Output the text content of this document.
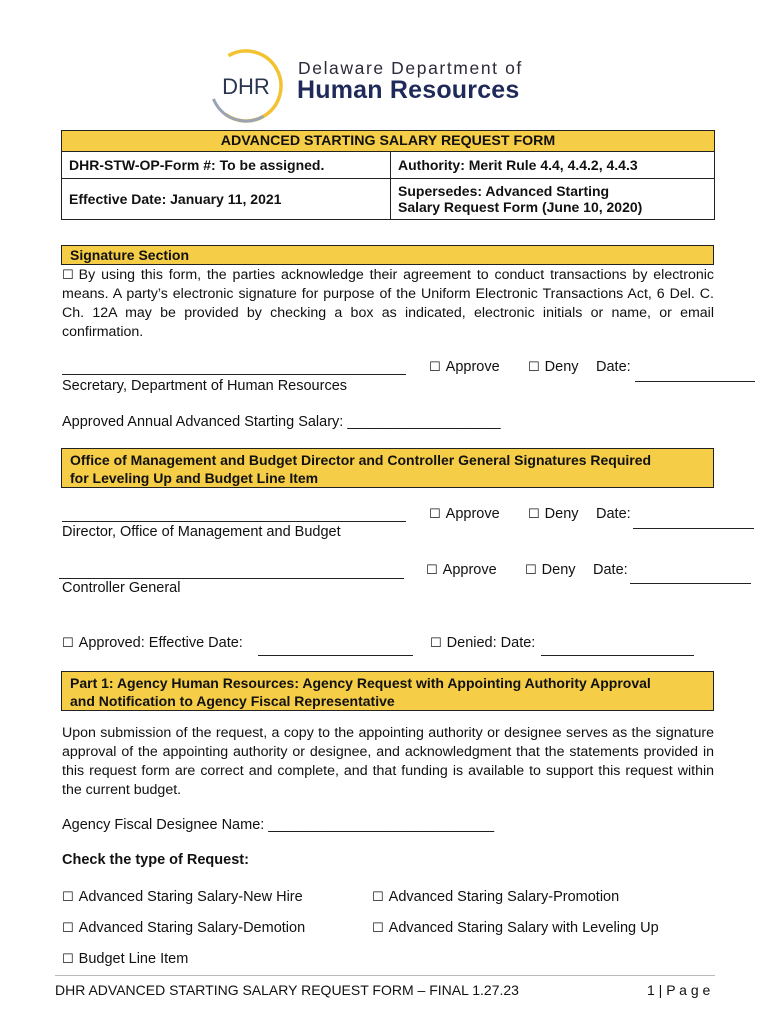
DHR
Delaware Department of
Human Resources
ADVANCED STARTING SALARY REQUEST FORM	
DHR-STW-OP-Form #: To be assigned.	Authority: Merit Rule 4.4, 4.4.2, 4.4.3
Effective Date: January 11, 2021	Supersedes: Advanced Starting
Salary Request Form (June 10, 2020)
Signature Section
☐ By using this form, the parties acknowledge their agreement to conduct transactions by electronic means. A party’s electronic signature for purpose of the Uniform Electronic Transactions Act, 6 Del. C. Ch. 12A may be provided by checking a box as indicated, electronic initials or name, or email confirmation.
☐ Approve ☐ Deny Date:
Secretary, Department of Human Resources
Approved Annual Advanced Starting Salary: ___________________
Office of Management and Budget Director and Controller General Signatures Required
for Leveling Up and Budget Line Item
☐ Approve ☐ Deny Date:
Director, Office of Management and Budget
☐ Approve ☐ Deny Date:
Controller General
☐ Approved: Effective Date:	☐ Denied: Date:
Part 1: Agency Human Resources: Agency Request with Appointing Authority Approval
and Notification to Agency Fiscal Representative
Upon submission of the request, a copy to the appointing authority or designee serves as the signature approval of the appointing authority or designee, and acknowledgment that the statements provided in this request form are correct and complete, and that funding is available to support this request within the current budget.
Agency Fiscal Designee Name: ____________________________
Check the type of Request:
☐ Advanced Staring Salary-New Hire	☐ Advanced Staring Salary-Promotion
☐ Advanced Staring Salary-Demotion	☐ Advanced Staring Salary with Leveling Up
☐ Budget Line Item
DHR ADVANCED STARTING SALARY REQUEST FORM – FINAL 1.27.23	1 | P a g e
